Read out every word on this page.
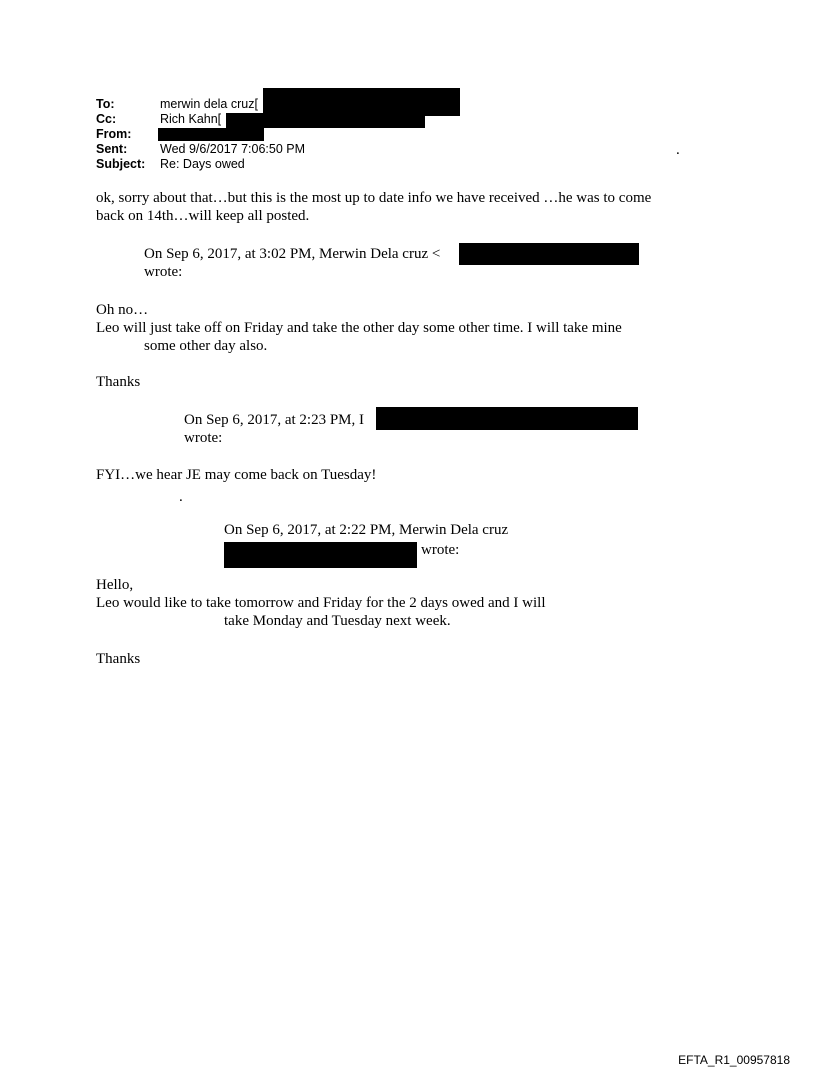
To:	merwin dela cruz[
Cc:	Rich Kahn[
From:
Sent:	Wed 9/6/2017 7:06:50 PM	.
Subject: Re: Days owed
ok, sorry about that…but this is the most up to date info we have received …he was to come
back on 14th…will keep all posted.
On Sep 6, 2017, at 3:02 PM, Merwin Dela cruz <
wrote:
Oh no…
Leo will just take off on Friday and take the other day some other time. I will take mine
some other day also.
Thanks
On Sep 6, 2017, at 2:23 PM, I
wrote:
FYI…we hear JE may come back on Tuesday!
.
On Sep 6, 2017, at 2:22 PM, Merwin Dela cruz
wrote:
Hello,
Leo would like to take tomorrow and Friday for the 2 days owed and I will
take Monday and Tuesday next week.
Thanks
EFTA_R1_00957818
